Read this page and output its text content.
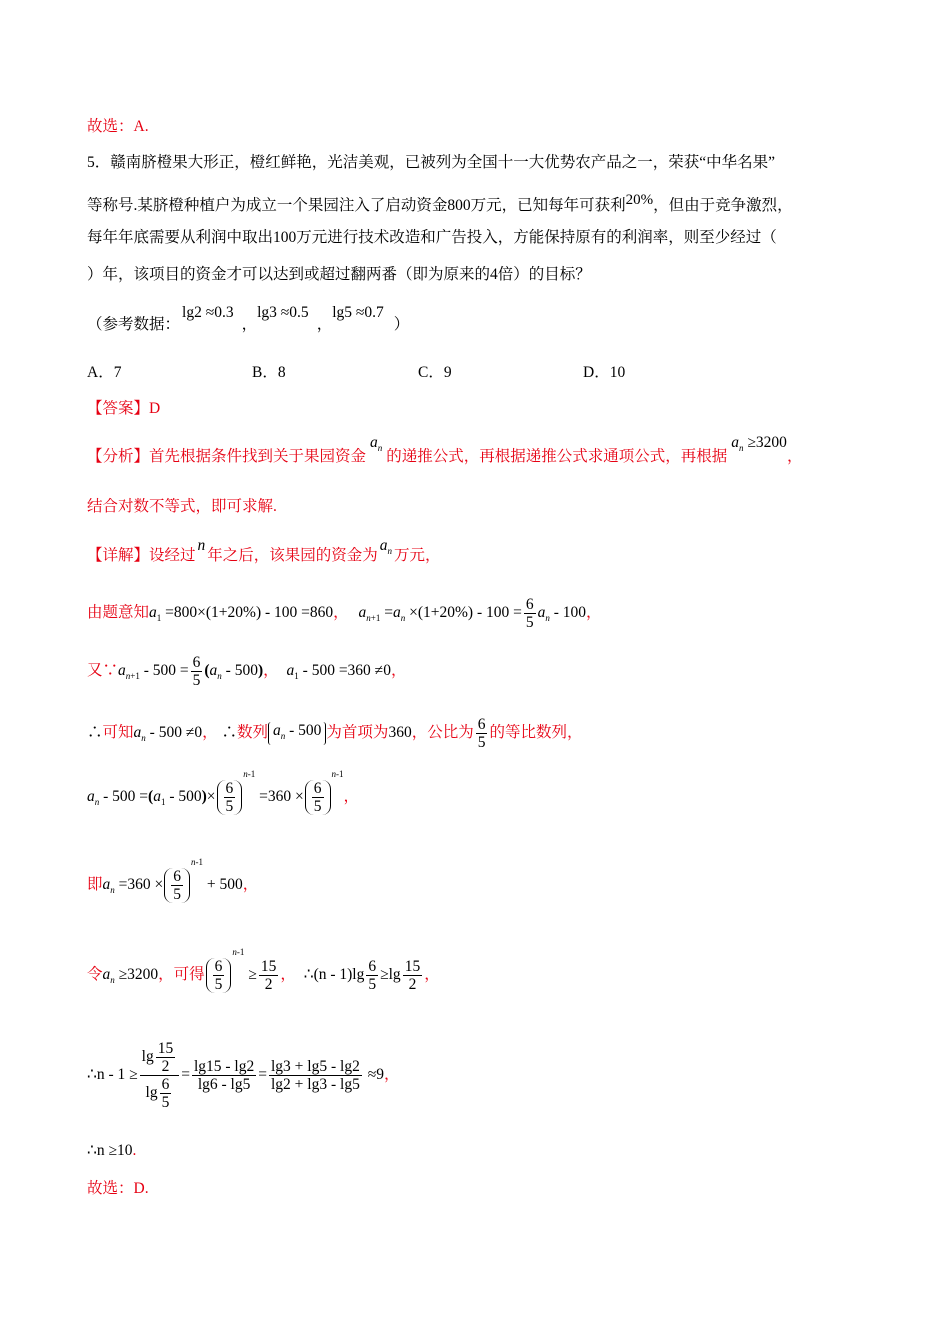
故选：A.
5．赣南脐橙果大形正，橙红鲜艳，光洁美观，已被列为全国十一大优势农产品之一，荣获“中华名果”
等称号.某脐橙种植户为成立一个果园注入了启动资金800万元，已知每年可获利$^{20\%}$，但由于竞争激烈，
每年年底需要从利润中取出100万元进行技术改造和广告投入，方能保持原有的利润率，则至少经过（
）年，该项目的资金才可以达到或超过翻两番（即为原来的4倍）的目标？
（参考数据：lg2 ≈0.3，lg3 ≈0.5，lg5 ≈0.7）
A．7	B．8	C．9	D．10
【答案】D
【分析】首先根据条件找到关于果园资金$a_n$ 的递推公式，再根据递推公式求通项公式，再根据$a_n \ge 3200$，
结合对数不等式，即可求解.
【详解】设经过n年之后，该果园的资金为$a_n$ 万元，
由题意知$a_1 =800\times(1+20\%) - 100 =860$， $a_{n+1} =a_n \times(1+20\%) - 100 = \frac{6}{5} a_n - 100$，
又$\because a_{n+1} - 500 = \frac{6}{5} (a_n - 500)$， $a_1 - 500 =360 \ne 0$，
∴可知$a_n - 500 \ne 0$， ∴数列 $a_n - 500$ 为首项为360，公比为 $\frac{6}{5}$ 的等比数列，
$a_n - 500 =(a_1 - 500)\times \frac{6}{5}$
$^{n-1} =360 \times \frac{6}{5}$
$^{n-1}$，
即$a_n =360 \times \frac{6}{5}$
$^{n-1}$ + 500，
令$a_n \ge 3200$，可得 $\frac{6}{5}$
$^{n-1} \ge \frac{15}{2}$ ， ∴(n - $1)\lg \frac{6}{5} \ge\lg \frac{15}{2}$ ，
∴n - $1 \ge \frac{\lg \frac{15}{2}}{\lg \frac{6}{5}} = \frac{\lg 15 - \lg 2}{\lg 6 - \lg 5} = \frac{\lg 3 + \lg 5 - \lg 2}{\lg 2 + \lg 3 - \lg 5} \approx 9$，
∴n ≥10.
故选：D.
